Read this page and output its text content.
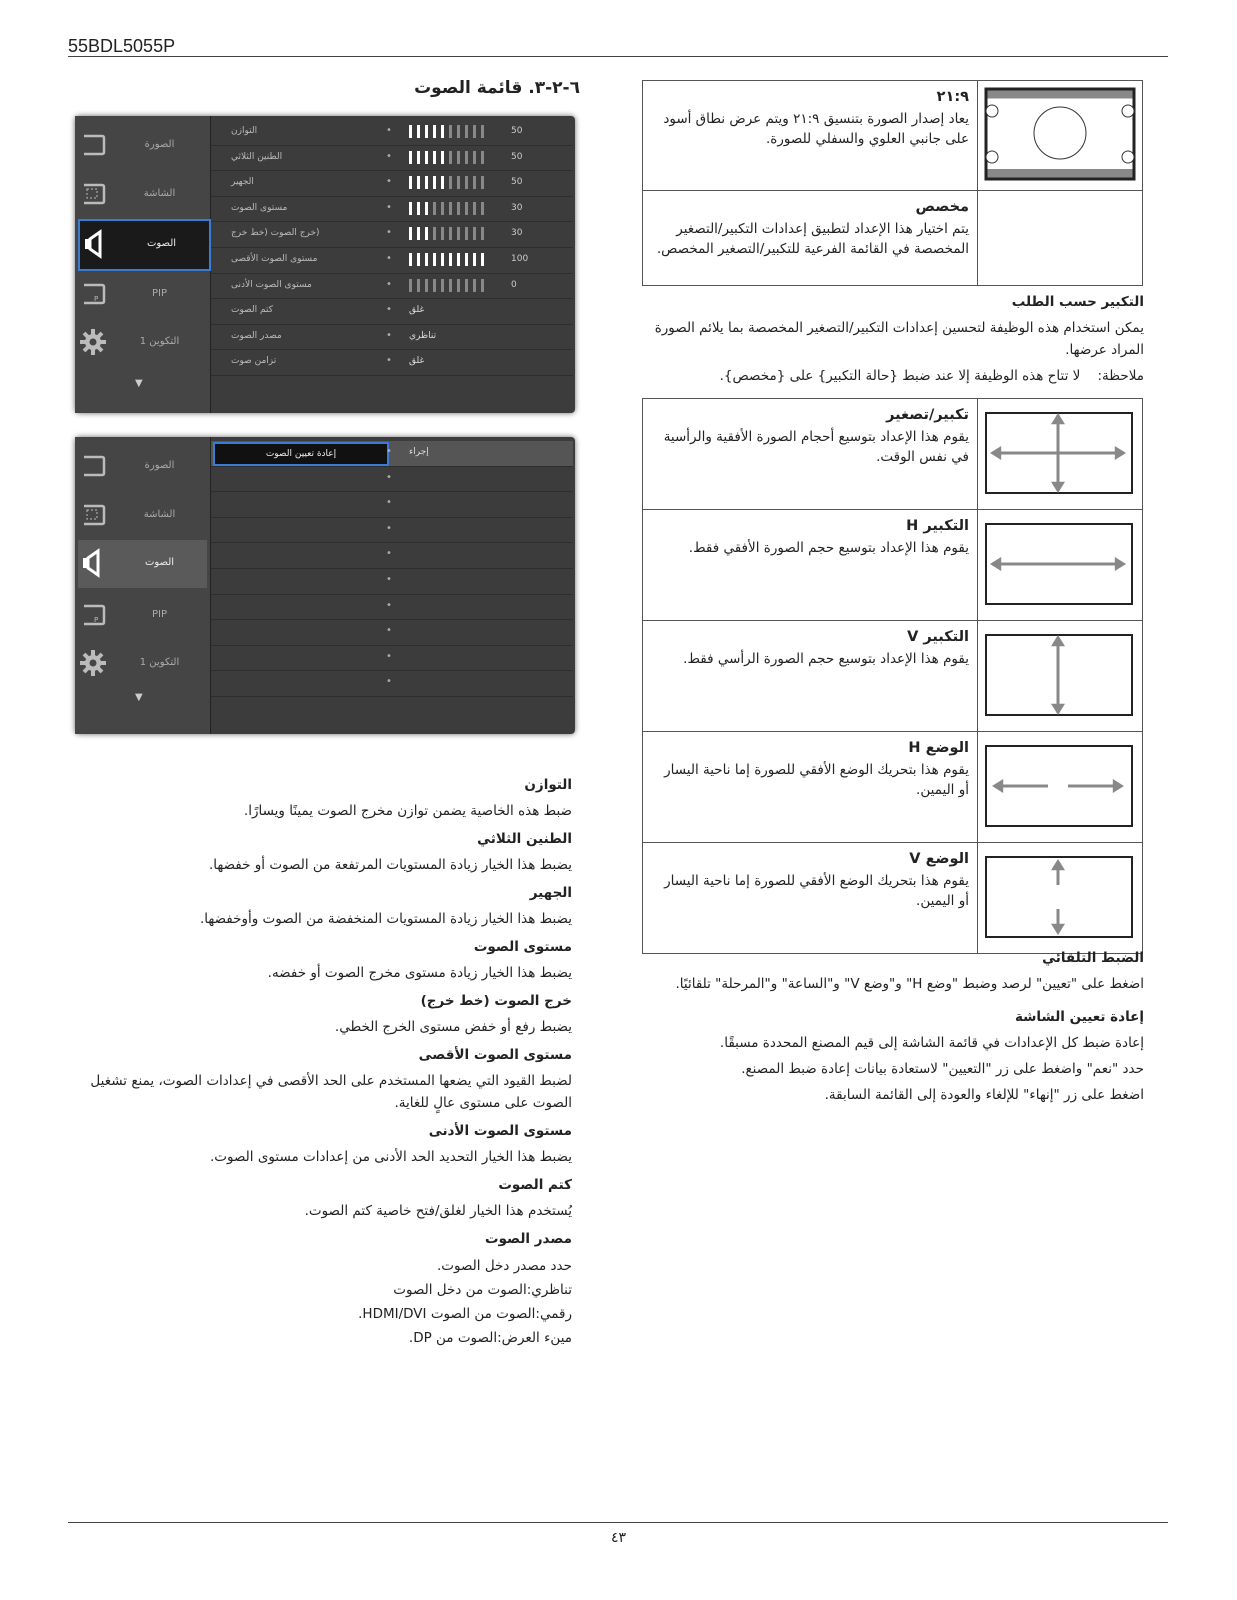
55BDL5055P
٦-٢-٣. قائمة الصوت
الصورة
الشاشة
الصوت
P	PIP
التكوين 1
▼
التوازن	•	50
الطنين الثلاثي	•	50
الجهير	•	50
مستوى الصوت	•	30
(خرج الصوت (خط خرج	•	30
مستوى الصوت الأقصى	•	100
مستوى الصوت الأدنى	•	0
كتم الصوت	• غلق
مصدر الصوت	• تناظري
تزامن صوت	• غلق
الصورة
الشاشة
الصوت
P	PIP
التكوين 1
▼
إعادة تعيين الصوت	• إجراء
•
•
•
•
•
•
•
•
•
التوازن

ضبط هذه الخاصية يضمن توازن مخرج الصوت يمينًا ويسارًا.

الطنين الثلاثي

يضبط هذا الخيار زيادة المستويات المرتفعة من الصوت أو خفضها.

الجهير

يضبط هذا الخيار زيادة المستويات المنخفضة من الصوت وأوخفضها.

مستوى الصوت

يضبط هذا الخيار زيادة مستوى مخرج الصوت أو خفضه.

خرج الصوت (خط خرج)

يضبط رفع أو خفض مستوى الخرج الخطي.

مستوى الصوت الأقصى

لضبط القيود التي يضعها المستخدم على الحد الأقصى في إعدادات الصوت، يمنع تشغيل الصوت على مستوى عالٍ للغاية.

مستوى الصوت الأدنى

يضبط هذا الخيار التحديد الحد الأدنى من إعدادات مستوى الصوت.

كتم الصوت

يُستخدم هذا الخيار لغلق/فتح خاصية كتم الصوت.

مصدر الصوت

حدد مصدر دخل الصوت.

تناظري:الصوت من دخل الصوت

رقمي:الصوت من الصوت HDMI/DVI.

مينء العرض:الصوت من DP.

٢١:٩
يعاد إصدار الصورة بتنسيق ٢١:٩ ويتم عرض نطاق أسود على جانبي العلوي والسفلي للصورة.

مخصص
يتم اختيار هذا الإعداد لتطبيق إعدادات التكبير/التصغير المخصصة في القائمة الفرعية للتكبير/التصغير المخصص.	

التكبير حسب الطلب

يمكن استخدام هذه الوظيفة لتحسين إعدادات التكبير/التصغير المخصصة بما يلائم الصورة المراد عرضها.

ملاحظة:    لا تتاح هذه الوظيفة إلا عند ضبط {حالة التكبير} على {مخصص}.

تكبير/تصغير
يقوم هذا الإعداد بتوسيع أحجام الصورة الأفقية والرأسية في نفس الوقت.

التكبير H
يقوم هذا الإعداد بتوسيع حجم الصورة الأفقي فقط.

التكبير V
يقوم هذا الإعداد بتوسيع حجم الصورة الرأسي فقط.

الوضع H
يقوم هذا بتحريك الوضع الأفقي للصورة إما ناحية اليسار أو اليمين.

الوضع V
يقوم هذا بتحريك الوضع الأفقي للصورة إما ناحية اليسار أو اليمين.

الضبط التلقائي

اضغط على "تعيين" لرصد وضبط "وضع H" و"وضع V" و"الساعة" و"المرحلة" تلقائيًا.

إعادة تعيين الشاشة

إعادة ضبط كل الإعدادات في قائمة الشاشة إلى قيم المصنع المحددة مسبقًا.

حدد "نعم" واضغط على زر "التعيين" لاستعادة بيانات إعادة ضبط المصنع.

اضغط على زر "إنهاء" للإلغاء والعودة إلى القائمة السابقة.

٤٣
